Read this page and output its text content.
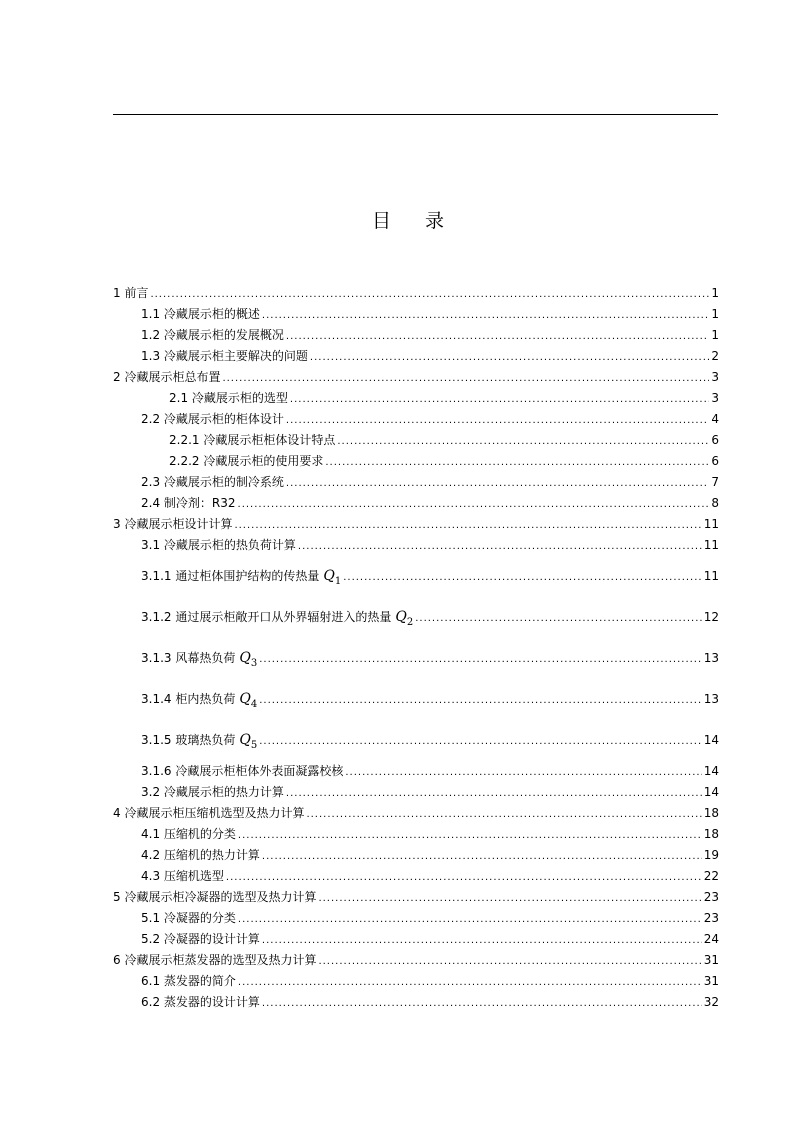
目 录
1 前言 .....	1
1.1 冷藏展示柜的概述 .....	1
1.2 冷藏展示柜的发展概况 .....	1
1.3 冷藏展示柜主要解决的问题 .....	2
2 冷藏展示柜总布置 .....	3
2.1 冷藏展示柜的选型 .....	3
2.2 冷藏展示柜的柜体设计 .....	4
2.2.1 冷藏展示柜柜体设计特点 .....	6
2.2.2 冷藏展示柜的使用要求 .....	6
2.3 冷藏展示柜的制冷系统 .....	7
2.4 制冷剂：R32 .....	8
3 冷藏展示柜设计计算 .....	11
3.1 冷藏展示柜的热负荷计算 .....	11
3.1.1 通过柜体围护结构的传热量 $Q_1$ .....	11
3.1.2 通过展示柜敞开口从外界辐射进入的热量 $Q_2$ .....	12
3.1.3 风幕热负荷 $Q_3$ .....	13
3.1.4 柜内热负荷 $Q_4$ .....	13
3.1.5 玻璃热负荷 $Q_5$ .....	14
3.1.6 冷藏展示柜柜体外表面凝露校核 .....	14
3.2 冷藏展示柜的热力计算 .....	14
4 冷藏展示柜压缩机选型及热力计算 .....	18
4.1 压缩机的分类 .....	18
4.2 压缩机的热力计算 .....	19
4.3 压缩机选型 .....	22
5 冷藏展示柜冷凝器的选型及热力计算 .....	23
5.1 冷凝器的分类 .....	23
5.2 冷凝器的设计计算 .....	24
6 冷藏展示柜蒸发器的选型及热力计算 .....	31
6.1 蒸发器的简介 .....	31
6.2 蒸发器的设计计算 .....	32
